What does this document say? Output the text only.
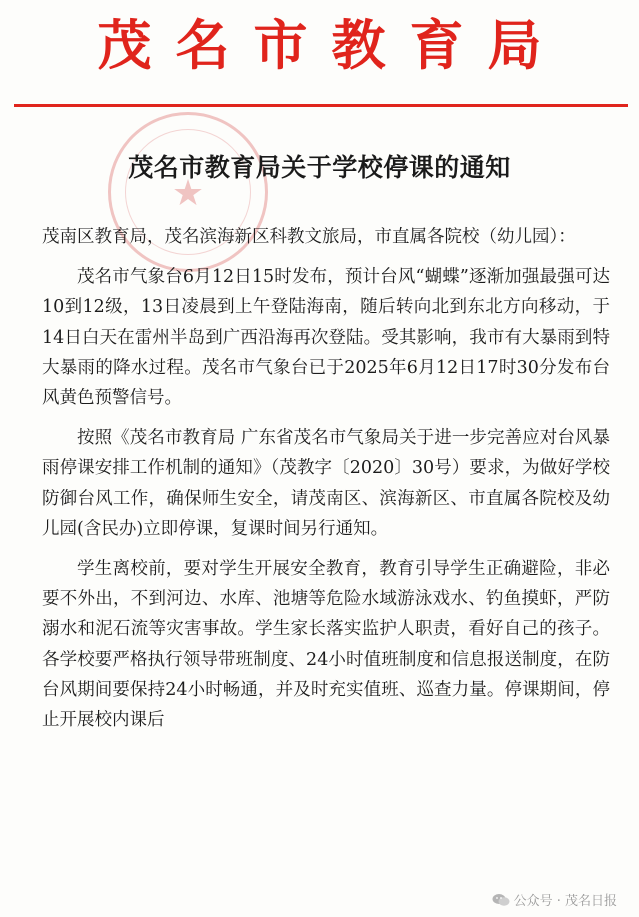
茂名市教育局
★
茂名市教育局关于学校停课的通知

茂南区教育局，茂名滨海新区科教文旅局，市直属各院校（幼儿园）：

茂名市气象台6月12日15时发布，预计台风“蝴蝶”逐渐加强最强可达10到12级，13日凌晨到上午登陆海南，随后转向北到东北方向移动，于14日白天在雷州半岛到广西沿海再次登陆。受其影响，我市有大暴雨到特大暴雨的降水过程。茂名市气象台已于2025年6月12日17时30分发布台风黄色预警信号。

按照《茂名市教育局 广东省茂名市气象局关于进一步完善应对台风暴雨停课安排工作机制的通知》（茂教字〔2020〕30号）要求，为做好学校防御台风工作，确保师生安全，请茂南区、滨海新区、市直属各院校及幼儿园(含民办)立即停课，复课时间另行通知。

学生离校前，要对学生开展安全教育，教育引导学生正确避险，非必要不外出，不到河边、水库、池塘等危险水域游泳戏水、钓鱼摸虾，严防溺水和泥石流等灾害事故。学生家长落实监护人职责，看好自己的孩子。各学校要严格执行领导带班制度、24小时值班制度和信息报送制度，在防台风期间要保持24小时畅通，并及时充实值班、巡查力量。停课期间，停止开展校内课后

公众号 · 茂名日报
